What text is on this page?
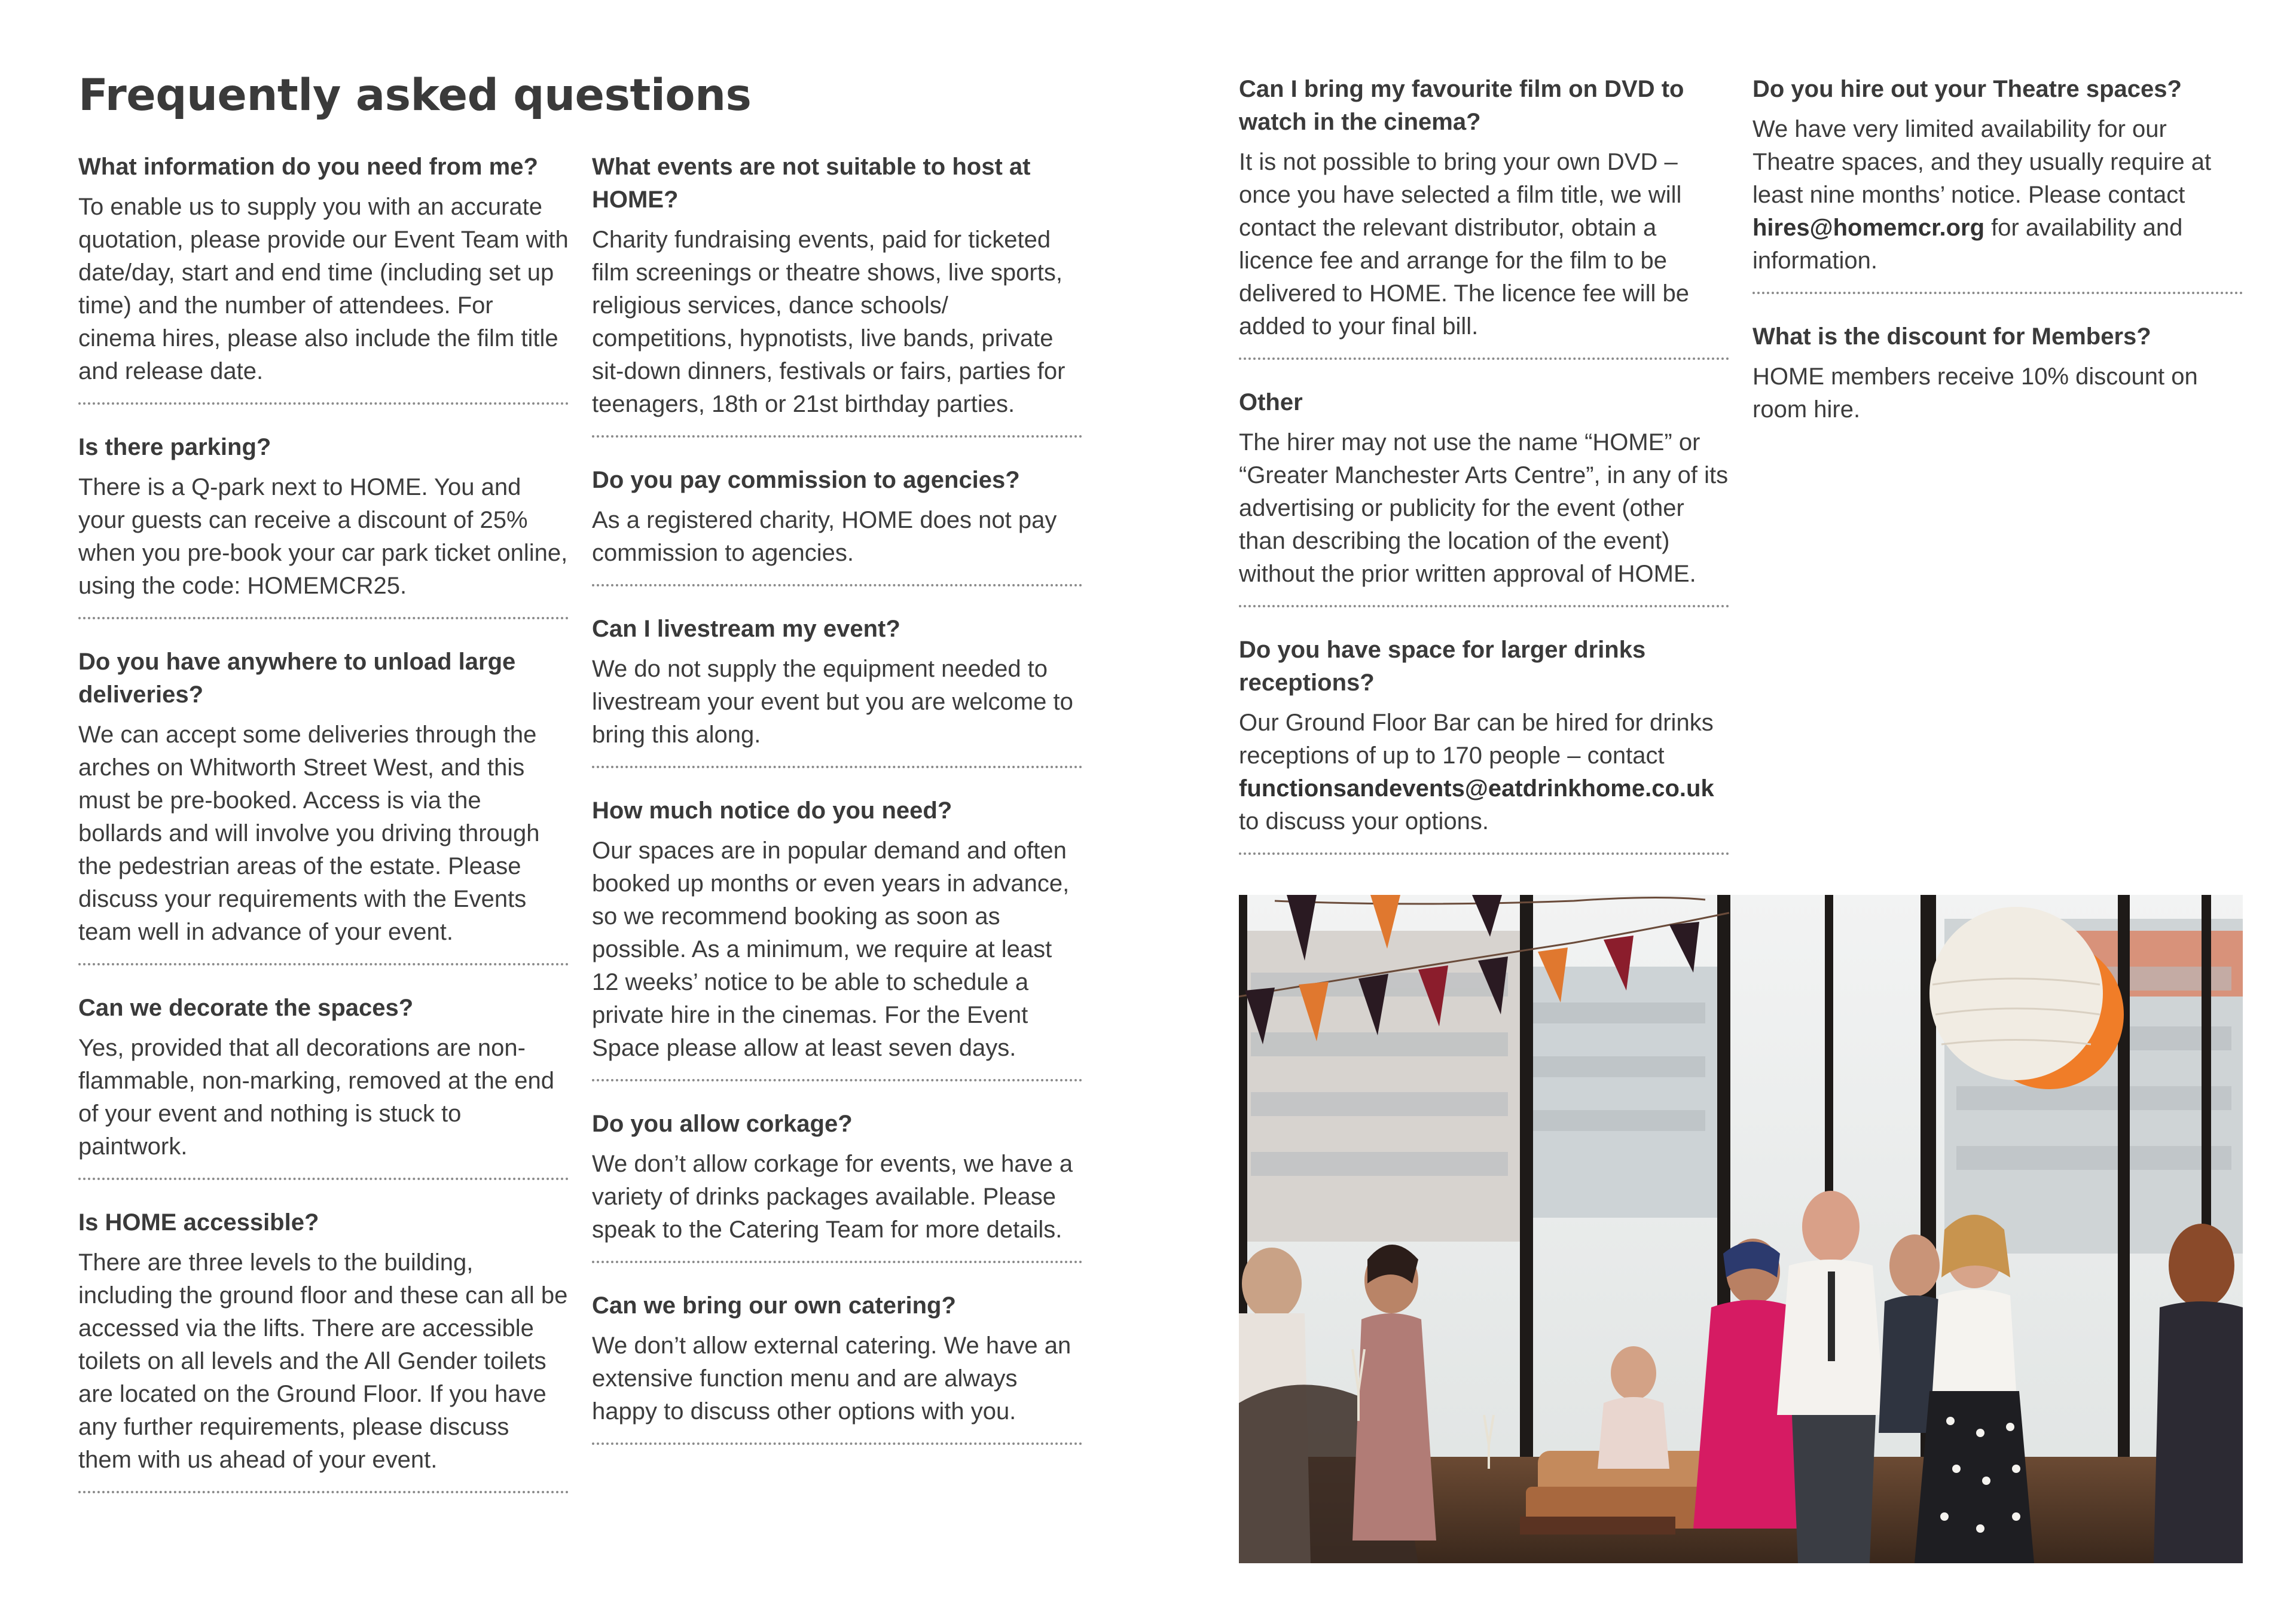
Frequently asked questions

What information do you need from me?

To enable us to supply you with an accurate quotation, please provide our Event Team with date/day, start and end time (including set up time) and the number of attendees. For cinema hires, please also include the film title and release date.

Is there parking?

There is a Q-park next to HOME. You and your guests can receive a discount of 25% when you pre-book your car park ticket online, using the code: HOMEMCR25.

Do you have anywhere to unload large deliveries?

We can accept some deliveries through the arches on Whitworth Street West, and this must be pre-booked. Access is via the bollards and will involve you driving through the pedestrian areas of the estate. Please discuss your requirements with the Events team well in advance of your event.

Can we decorate the spaces?

Yes, provided that all decorations are non-flammable, non-marking, removed at the end of your event and nothing is stuck to paintwork.

Is HOME accessible?

There are three levels to the building, including the ground floor and these can all be accessed via the lifts. There are accessible toilets on all levels and the All Gender toilets are located on the Ground Floor. If you have any further requirements, please discuss them with us ahead of your event.

What events are not suitable to host at HOME?

Charity fundraising events, paid for ticketed film screenings or theatre shows, live sports, religious services, dance schools/ competitions, hypnotists, live bands, private sit-down dinners, festivals or fairs, parties for teenagers, 18th or 21st birthday parties.

Do you pay commission to agencies?

As a registered charity, HOME does not pay commission to agencies.

Can I livestream my event?

We do not supply the equipment needed to livestream your event but you are welcome to bring this along.

How much notice do you need?

Our spaces are in popular demand and often booked up months or even years in advance, so we recommend booking as soon as possible. As a minimum, we require at least 12 weeks’ notice to be able to schedule a private hire in the cinemas. For the Event Space please allow at least seven days.

Do you allow corkage?

We don’t allow corkage for events, we have a variety of drinks packages available. Please speak to the Catering Team for more details.

Can we bring our own catering?

We don’t allow external catering. We have an extensive function menu and are always happy to discuss other options with you.

Can I bring my favourite film on DVD to watch in the cinema?

It is not possible to bring your own DVD – once you have selected a film title, we will contact the relevant distributor, obtain a licence fee and arrange for the film to be delivered to HOME. The licence fee will be added to your final bill.

Other

The hirer may not use the name “HOME” or “Greater Manchester Arts Centre”, in any of its advertising or publicity for the event (other than describing the location of the event) without the prior written approval of HOME.

Do you have space for larger drinks receptions?

Our Ground Floor Bar can be hired for drinks receptions of up to 170 people – contact functionsandevents@eatdrinkhome.co.uk to discuss your options.

Do you hire out your Theatre spaces?

We have very limited availability for our Theatre spaces, and they usually require at least nine months’ notice. Please contact hires@homemcr.org for availability and information.

What is the discount for Members?

HOME members receive 10% discount on room hire.
